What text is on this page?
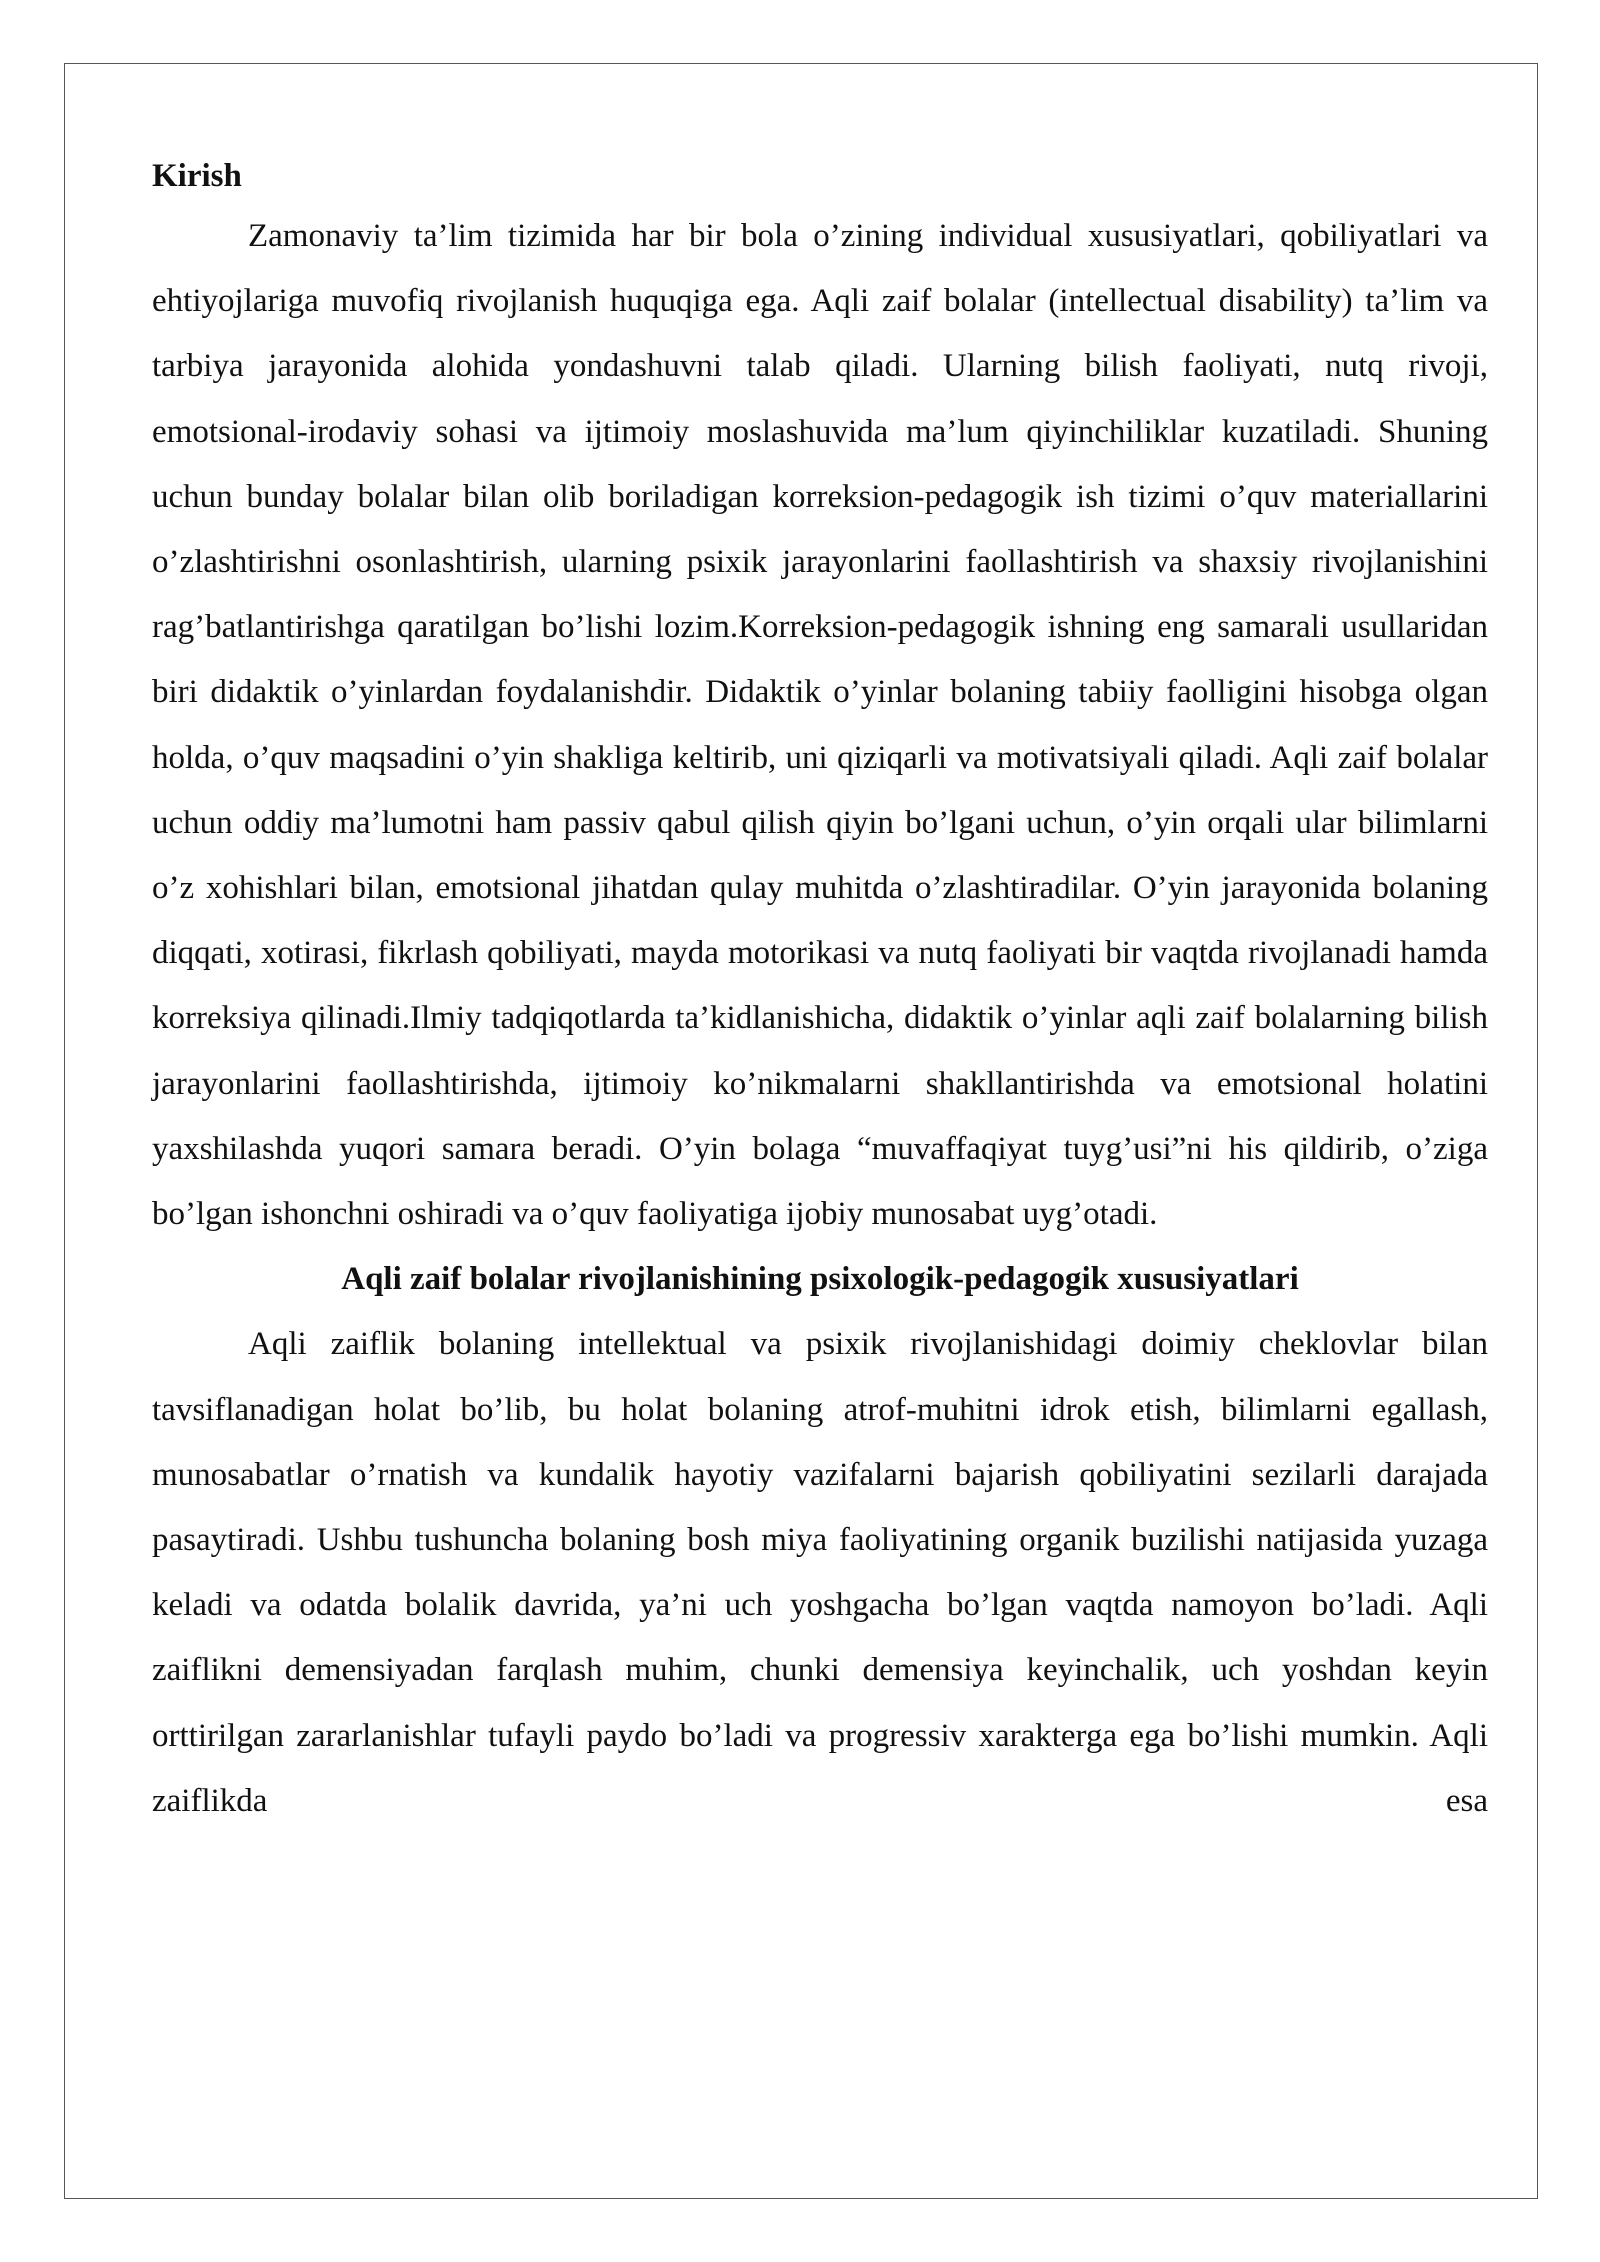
Kirish

Zamonaviy ta’lim tizimida har bir bola o’zining individual xususiyatlari, qobiliyatlari va ehtiyojlariga muvofiq rivojlanish huquqiga ega. Aqli zaif bolalar (intellectual disability) ta’lim va tarbiya jarayonida alohida yondashuvni talab qiladi. Ularning bilish faoliyati, nutq rivoji, emotsional-irodaviy sohasi va ijtimoiy moslashuvida ma’lum qiyinchiliklar kuzatiladi. Shuning uchun bunday bolalar bilan olib boriladigan korreksion-pedagogik ish tizimi o’quv materiallarini o’zlashtirishni osonlashtirish, ularning psixik jarayonlarini faollashtirish va shaxsiy rivojlanishini rag’batlantirishga qaratilgan bo’lishi lozim.Korreksion-pedagogik ishning eng samarali usullaridan biri didaktik o’yinlardan foydalanishdir. Didaktik o’yinlar bolaning tabiiy faolligini hisobga olgan holda, o’quv maqsadini o’yin shakliga keltirib, uni qiziqarli va motivatsiyali qiladi. Aqli zaif bolalar uchun oddiy ma’lumotni ham passiv qabul qilish qiyin bo’lgani uchun, o’yin orqali ular bilimlarni o’z xohishlari bilan, emotsional jihatdan qulay muhitda o’zlashtiradilar. O’yin jarayonida bolaning diqqati, xotirasi, fikrlash qobiliyati, mayda motorikasi va nutq faoliyati bir vaqtda rivojlanadi hamda korreksiya qilinadi.Ilmiy tadqiqotlarda ta’kidlanishicha, didaktik o’yinlar aqli zaif bolalarning bilish jarayonlarini faollashtirishda, ijtimoiy ko’nikmalarni shakllantirishda va emotsional holatini yaxshilashda yuqori samara beradi. O’yin bolaga “muvaffaqiyat tuyg’usi”ni his qildirib, o’ziga bo’lgan ishonchni oshiradi va o’quv faoliyatiga ijobiy munosabat uyg’otadi.

Aqli zaif bolalar rivojlanishining psixologik-pedagogik xususiyatlari

Aqli zaiflik bolaning intellektual va psixik rivojlanishidagi doimiy cheklovlar bilan tavsiflanadigan holat bo’lib, bu holat bolaning atrof-muhitni idrok etish, bilimlarni egallash, munosabatlar o’rnatish va kundalik hayotiy vazifalarni bajarish qobiliyatini sezilarli darajada pasaytiradi. Ushbu tushuncha bolaning bosh miya faoliyatining organik buzilishi natijasida yuzaga keladi va odatda bolalik davrida, ya’ni uch yoshgacha bo’lgan vaqtda namoyon bo’ladi. Aqli zaiflikni demensiyadan farqlash muhim, chunki demensiya keyinchalik, uch yoshdan keyin orttirilgan zararlanishlar tufayli paydo bo’ladi va progressiv xarakterga ega bo’lishi mumkin. Aqli zaiflikda esa
